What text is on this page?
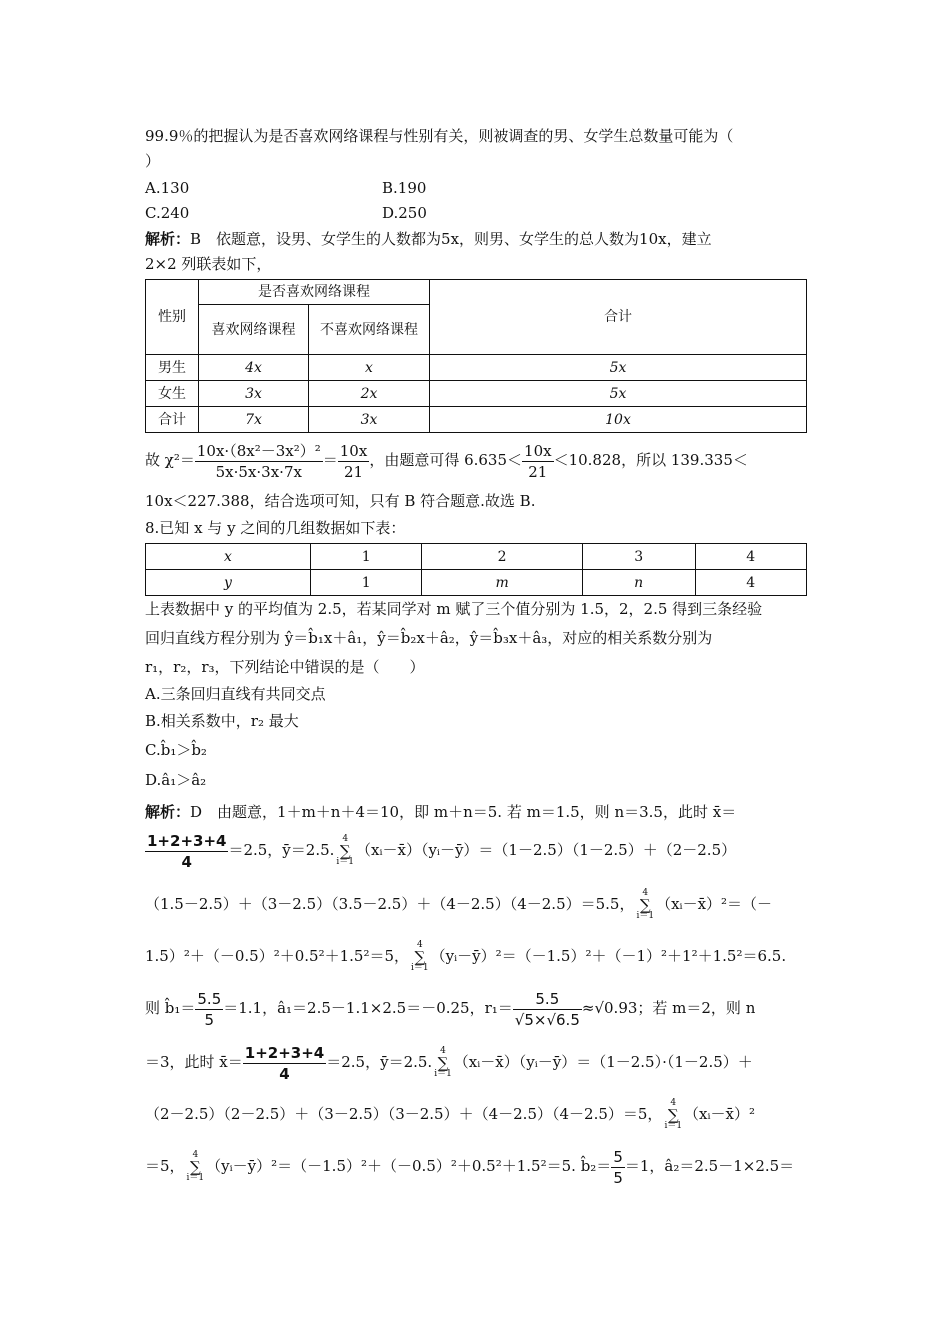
99.9％的把握认为是否喜欢网络课程与性别有关，则被调查的男、女学生总数量可能为（
）
A.130	B.190
C.240	D.250
解析：B　依题意，设男、女学生的人数都为5x，则男、女学生的总人数为10x，建立
2×2 列联表如下，
性别	是否喜欢网络课程		合计
	喜欢网络课程	不喜欢网络课程	
男生	4x	x	5x
女生	3x	2x	5x
合计	7x	3x	10x
故 $\chi^2= \frac{\text{10x·（8x²－3x²）²}}{5x\cdot 5x\cdot 3x\cdot 7x} = \frac{10x}{21}$ ，由题意可得 $6.635< \frac{10x}{21} <10.828$，所以 139.335＜
10x＜227.388，结合选项可知，只有 B 符合题意.故选 B.
8.已知 x 与 y 之间的几组数据如下表：
x	1	2	3	4
y	1	m	n	4
上表数据中 y 的平均值为 2.5，若某同学对 m 赋了三个值分别为 1.5，2，2.5 得到三条经验
回归直线方程分别为 ŷ＝b̂₁x＋â₁，ŷ＝b̂₂x＋â₂，ŷ＝b̂₃x＋â₃，对应的相关系数分别为
r₁，r₂，r₃，下列结论中错误的是（　　）
A.三条回归直线有共同交点
B.相关系数中，r₂ 最大
C.b̂₁＞b̂₂
D.â₁＞â₂
解析：D　由题意，1＋m＋n＋4＝10，即 m＋n＝5. 若 m＝1.5，则 n＝3.5，此时 x̄＝
$\frac{1+2+3+4}{4} =2.5$，ȳ＝2.5.
4
∑
i＝1
（xᵢ－x̄）（yᵢ－ȳ）＝（1－2.5）（1－2.5）＋（2－2.5）
（1.5－2.5）＋（3－2.5）（3.5－2.5）＋（4－2.5）（4－2.5）＝5.5，
4
∑
i＝1
（xᵢ－x̄）²＝（－
1.5）²＋（－0.5）²＋0.5²＋1.5²＝5，
4
∑
i＝1
（yᵢ－ȳ）²＝（－1.5）²＋（－1）²＋1²＋1.5²＝6.5.
则 b̂₁＝ $\frac{5.5}{5} =1.1$，â₁＝2.5－1.1×2.5＝－0.25，$r_1= \frac{5.5}{√5\times√6.5} \approx√0.93$；若 m＝2，则 n
＝3，此时 x̄＝ $\frac{1+2+3+4}{4} =2.5$，ȳ＝2.5.
4
∑
i＝1
（xᵢ－x̄）（yᵢ－ȳ）＝（1－2.5）·（1－2.5）＋
（2－2.5）（2－2.5）＋（3－2.5）（3－2.5）＋（4－2.5）（4－2.5）＝5，
4
∑
i＝1
（xᵢ－x̄）²
＝5，
4
∑
i＝1
（yᵢ－ȳ）²＝（－1.5）²＋（－0.5）²＋0.5²＋1.5²＝5. b̂₂＝ $\frac{5}{5} =1$，â₂＝2.5－1×2.5＝
